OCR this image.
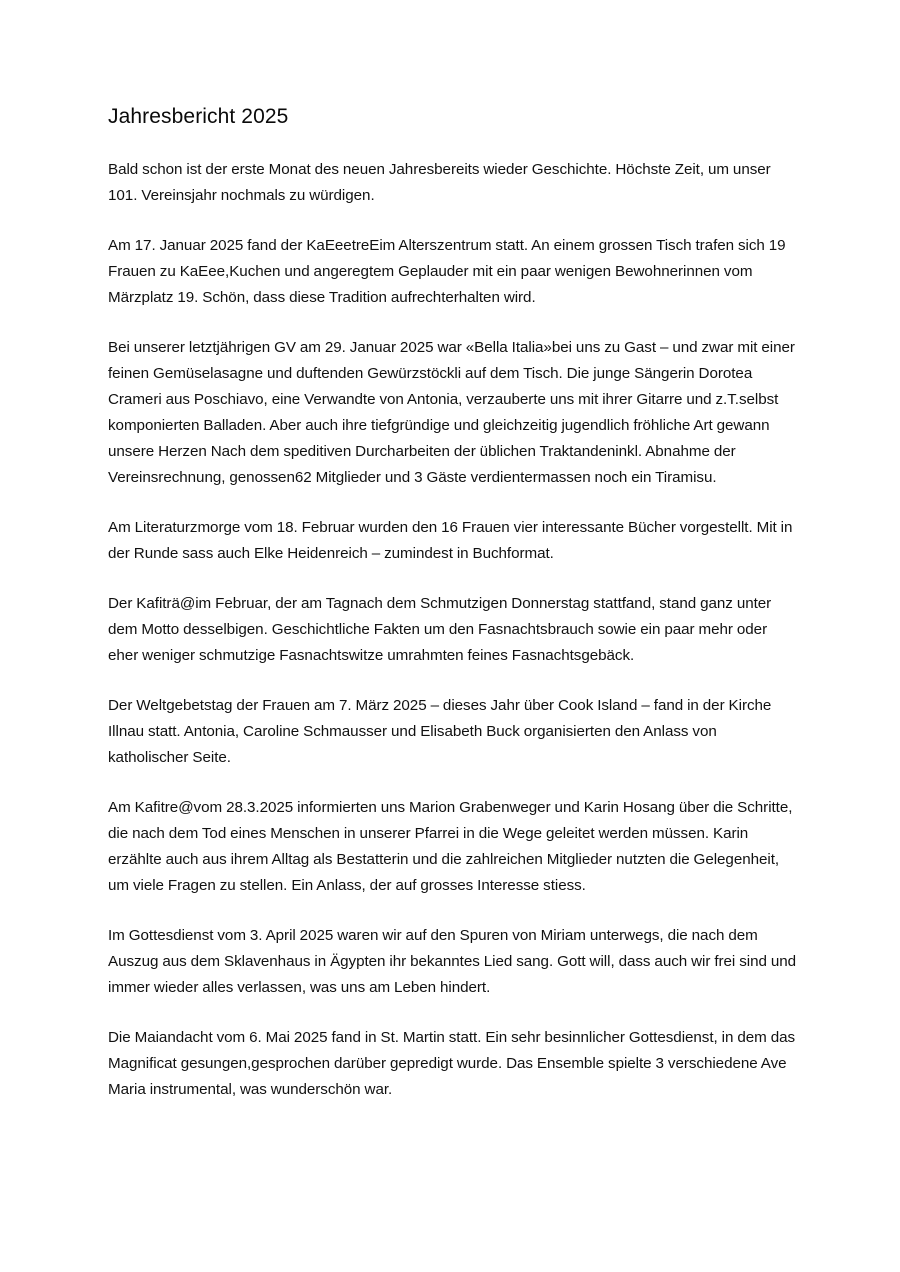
Jahresbericht 2025

Bald schon ist der erste Monat des neuen Jahresbereits wieder Geschichte. Höchste Zeit, um unser 101. Vereinsjahr nochmals zu würdigen.

Am 17. Januar 2025 fand der KaEeetreEim Alterszentrum statt. An einem grossen Tisch trafen sich 19 Frauen zu KaEee,Kuchen und angeregtem Geplauder mit ein paar wenigen Bewohnerinnen vom Märzplatz 19. Schön, dass diese Tradition aufrechterhalten wird.

Bei unserer letztjährigen GV am 29. Januar 2025 war «Bella Italia»bei uns zu Gast – und zwar mit einer feinen Gemüselasagne und duftenden Gewürzstöckli auf dem Tisch. Die junge Sängerin Dorotea Crameri aus Poschiavo, eine Verwandte von Antonia, verzauberte uns mit ihrer Gitarre und z.T.selbst komponierten Balladen. Aber auch ihre tiefgründige und gleichzeitig jugendlich fröhliche Art gewann unsere Herzen Nach dem speditiven Durcharbeiten der üblichen Traktandeninkl. Abnahme der Vereinsrechnung, genossen62 Mitglieder und 3 Gäste verdientermassen noch ein Tiramisu.

Am Literaturzmorge vom 18. Februar wurden den 16 Frauen vier interessante Bücher vorgestellt. Mit in der Runde sass auch Elke Heidenreich – zumindest in Buchformat.

Der Kafiträ@im Februar, der am Tagnach dem Schmutzigen Donnerstag stattfand, stand ganz unter dem Motto desselbigen. Geschichtliche Fakten um den Fasnachtsbrauch sowie ein paar mehr oder eher weniger schmutzige Fasnachtswitze umrahmten feines Fasnachtsgebäck.

Der Weltgebetstag der Frauen am 7. März 2025 – dieses Jahr über Cook Island – fand in der Kirche Illnau statt. Antonia, Caroline Schmausser und Elisabeth Buck organisierten den Anlass von katholischer Seite.

Am Kafitre@vom 28.3.2025 informierten uns Marion Grabenweger und Karin Hosang über die Schritte, die nach dem Tod eines Menschen in unserer Pfarrei in die Wege geleitet werden müssen. Karin erzählte auch aus ihrem Alltag als Bestatterin und die zahlreichen Mitglieder nutzten die Gelegenheit, um viele Fragen zu stellen. Ein Anlass, der auf grosses Interesse stiess.

Im Gottesdienst vom 3. April 2025 waren wir auf den Spuren von Miriam unterwegs, die nach dem Auszug aus dem Sklavenhaus in Ägypten ihr bekanntes Lied sang. Gott will, dass auch wir frei sind und immer wieder alles verlassen, was uns am Leben hindert.

Die Maiandacht vom 6. Mai 2025 fand in St. Martin statt. Ein sehr besinnlicher Gottesdienst, in dem das Magnificat gesungen,gesprochen darüber gepredigt wurde. Das Ensemble spielte 3 verschiedene Ave Maria instrumental, was wunderschön war.
